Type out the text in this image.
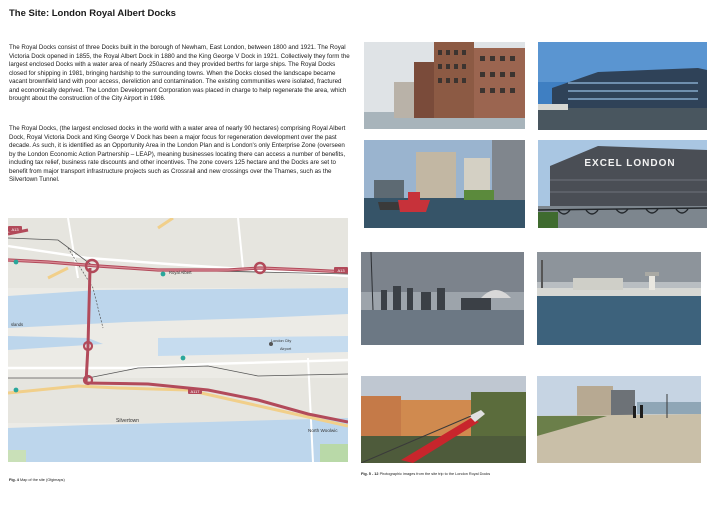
The Site: London Royal Albert Docks

The Royal Docks consist of three Docks built in the borough of Newham, East London, between 1800 and 1921. The Royal Victoria Dock opened in 1855, the Royal Albert Dock in 1880 and the King George V Dock in 1921. Collectively they form the largest enclosed Docks with a water area of nearly 250acres and they provided berths for large ships. The Royal Docks closed for shipping in 1981, bringing hardship to the surrounding towns. When the Docks closed the landscape became vacant brownfield land with poor access, dereliction and contamination. The existing communities were isolated, fractured and economically deprived. The London Development Corporation was placed in charge to help regenerate the area, which brought about the construction of the City Airport in 1986.

The Royal Docks, (the largest enclosed docks in the world with a water area of nearly 90 hectares) comprising Royal Albert Dock, Royal Victoria Dock and King George V Dock has been a major focus for regeneration development over the past decade. As such, it is identified as an Opportunity Area in the London Plan and is London's only Enterprise Zone (overseen by the London Economic Action Partnership – LEAP), meaning businesses locating there can access a number of benefits, including tax relief, business rate discounts and other incentives. The zone covers 125 hectare and the Docks are set to benefit from major transport infrastructure projects such as Crossrail and new crossings over the Thames, such as the Silvertown Tunnel.

A13
A13
A117
Royal Albert
London City
Airport
slands
Silvertown
North Woolwic
Fig. 4 Map of the site (Gfgimaps)
EXCEL LONDON
Fig. 5 - 12 Photographic images from the site trip to the London Royal Docks
